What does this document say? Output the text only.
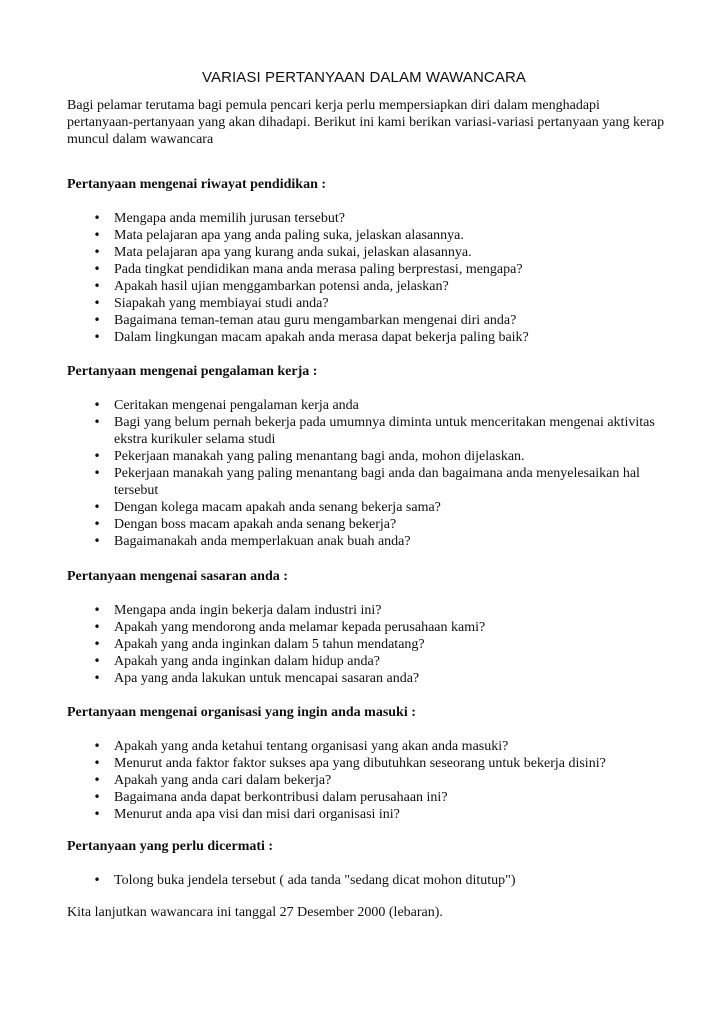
VARIASI PERTANYAAN DALAM WAWANCARA

Bagi pelamar terutama bagi pemula pencari kerja perlu mempersiapkan diri dalam menghadapi pertanyaan-pertanyaan yang akan dihadapi. Berikut ini kami berikan variasi-variasi pertanyaan yang kerap muncul dalam wawancara

Pertanyaan mengenai riwayat pendidikan :

• Mengapa anda memilih jurusan tersebut?
• Mata pelajaran apa yang anda paling suka, jelaskan alasannya.
• Mata pelajaran apa yang kurang anda sukai, jelaskan alasannya.
• Pada tingkat pendidikan mana anda merasa paling berprestasi, mengapa?
• Apakah hasil ujian menggambarkan potensi anda, jelaskan?
• Siapakah yang membiayai studi anda?
• Bagaimana teman-teman atau guru mengambarkan mengenai diri anda?
• Dalam lingkungan macam apakah anda merasa dapat bekerja paling baik?

Pertanyaan mengenai pengalaman kerja :

• Ceritakan mengenai pengalaman kerja anda
• Bagi yang belum pernah bekerja pada umumnya diminta untuk menceritakan mengenai aktivitas ekstra kurikuler selama studi
• Pekerjaan manakah yang paling menantang bagi anda, mohon dijelaskan.
• Pekerjaan manakah yang paling menantang bagi anda dan bagaimana anda menyelesaikan hal tersebut
• Dengan kolega macam apakah anda senang bekerja sama?
• Dengan boss macam apakah anda senang bekerja?
• Bagaimanakah anda memperlakuan anak buah anda?

Pertanyaan mengenai sasaran anda :

• Mengapa anda ingin bekerja dalam industri ini?
• Apakah yang mendorong anda melamar kepada perusahaan kami?
• Apakah yang anda inginkan dalam 5 tahun mendatang?
• Apakah yang anda inginkan dalam hidup anda?
• Apa yang anda lakukan untuk mencapai sasaran anda?

Pertanyaan mengenai organisasi yang ingin anda masuki :

• Apakah yang anda ketahui tentang organisasi yang akan anda masuki?
• Menurut anda faktor faktor sukses apa yang dibutuhkan seseorang untuk bekerja disini?
• Apakah yang anda cari dalam bekerja?
• Bagaimana anda dapat berkontribusi dalam perusahaan ini?
• Menurut anda apa visi dan misi dari organisasi ini?

Pertanyaan yang perlu dicermati :

• Tolong buka jendela tersebut ( ada tanda "sedang dicat mohon ditutup")

Kita lanjutkan wawancara ini tanggal 27 Desember 2000 (lebaran).
